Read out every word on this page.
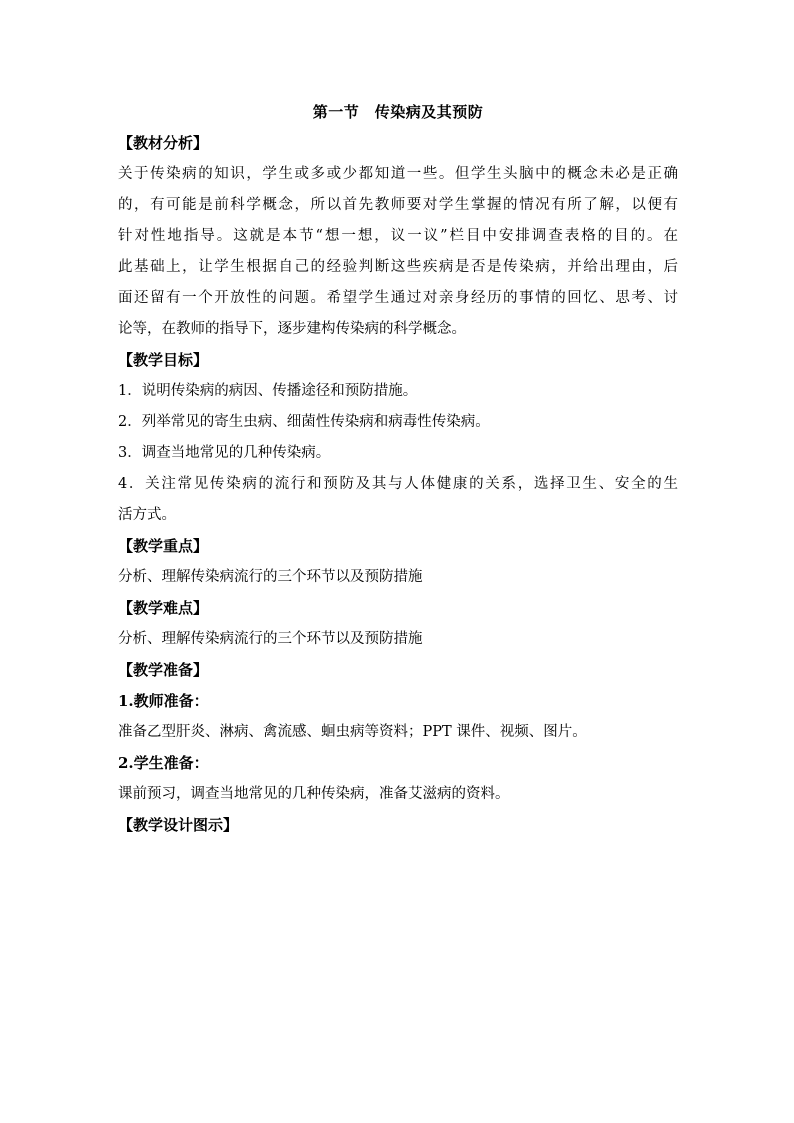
第一节　传染病及其预防
【教材分析】
关于传染病的知识，学生或多或少都知道一些。但学生头脑中的概念未必是正确
的，有可能是前科学概念，所以首先教师要对学生掌握的情况有所了解，以便有
针对性地指导。这就是本节“想一想，议一议”栏目中安排调查表格的目的。在
此基础上，让学生根据自己的经验判断这些疾病是否是传染病，并给出理由，后
面还留有一个开放性的问题。希望学生通过对亲身经历的事情的回忆、思考、讨
论等，在教师的指导下，逐步建构传染病的科学概念。
【教学目标】
1．说明传染病的病因、传播途径和预防措施。
2．列举常见的寄生虫病、细菌性传染病和病毒性传染病。
3．调查当地常见的几种传染病。
4．关注常见传染病的流行和预防及其与人体健康的关系，选择卫生、安全的生
活方式。
【教学重点】
分析、理解传染病流行的三个环节以及预防措施
【教学难点】
分析、理解传染病流行的三个环节以及预防措施
【教学准备】
1.教师准备：
准备乙型肝炎、淋病、禽流感、蛔虫病等资料；PPT 课件、视频、图片。
2.学生准备：
课前预习，调查当地常见的几种传染病，准备艾滋病的资料。
【教学设计图示】
